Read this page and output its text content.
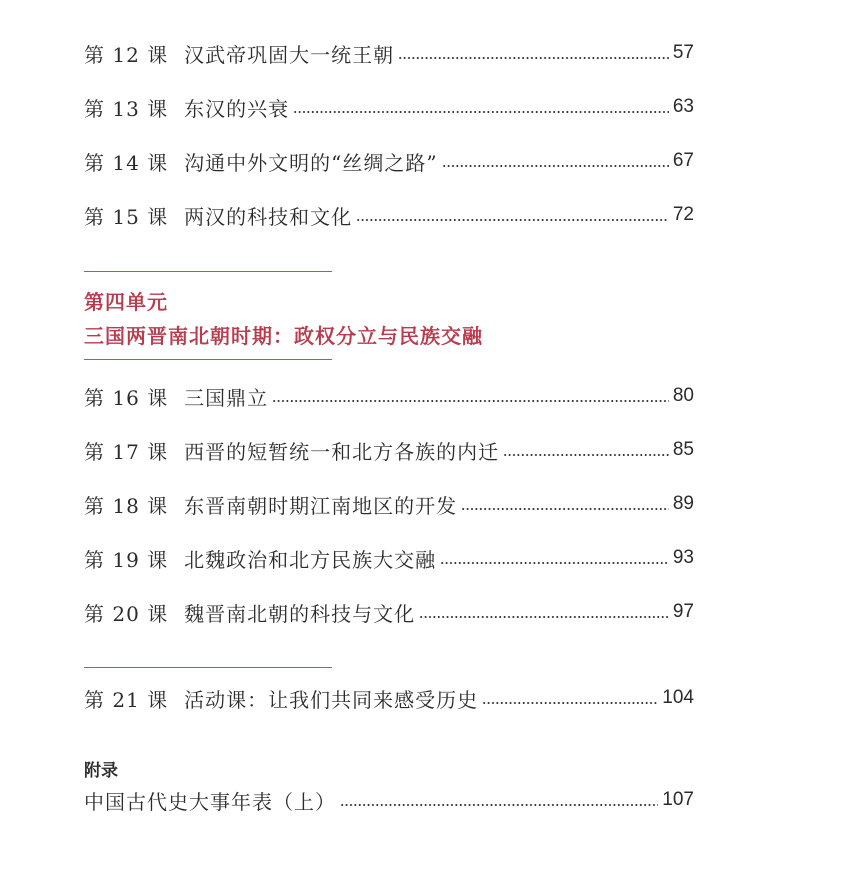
第 12 课 汉武帝巩固大一统王朝	57
第 13 课 东汉的兴衰	63
第 14 课 沟通中外文明的“丝绸之路”	67
第 15 课 两汉的科技和文化	72
第四单元
三国两晋南北朝时期：政权分立与民族交融
第 16 课 三国鼎立	80
第 17 课 西晋的短暂统一和北方各族的内迁	85
第 18 课 东晋南朝时期江南地区的开发	89
第 19 课 北魏政治和北方民族大交融	93
第 20 课 魏晋南北朝的科技与文化	97
第 21 课 活动课：让我们共同来感受历史	104
附录
中国古代史大事年表（上）	107
